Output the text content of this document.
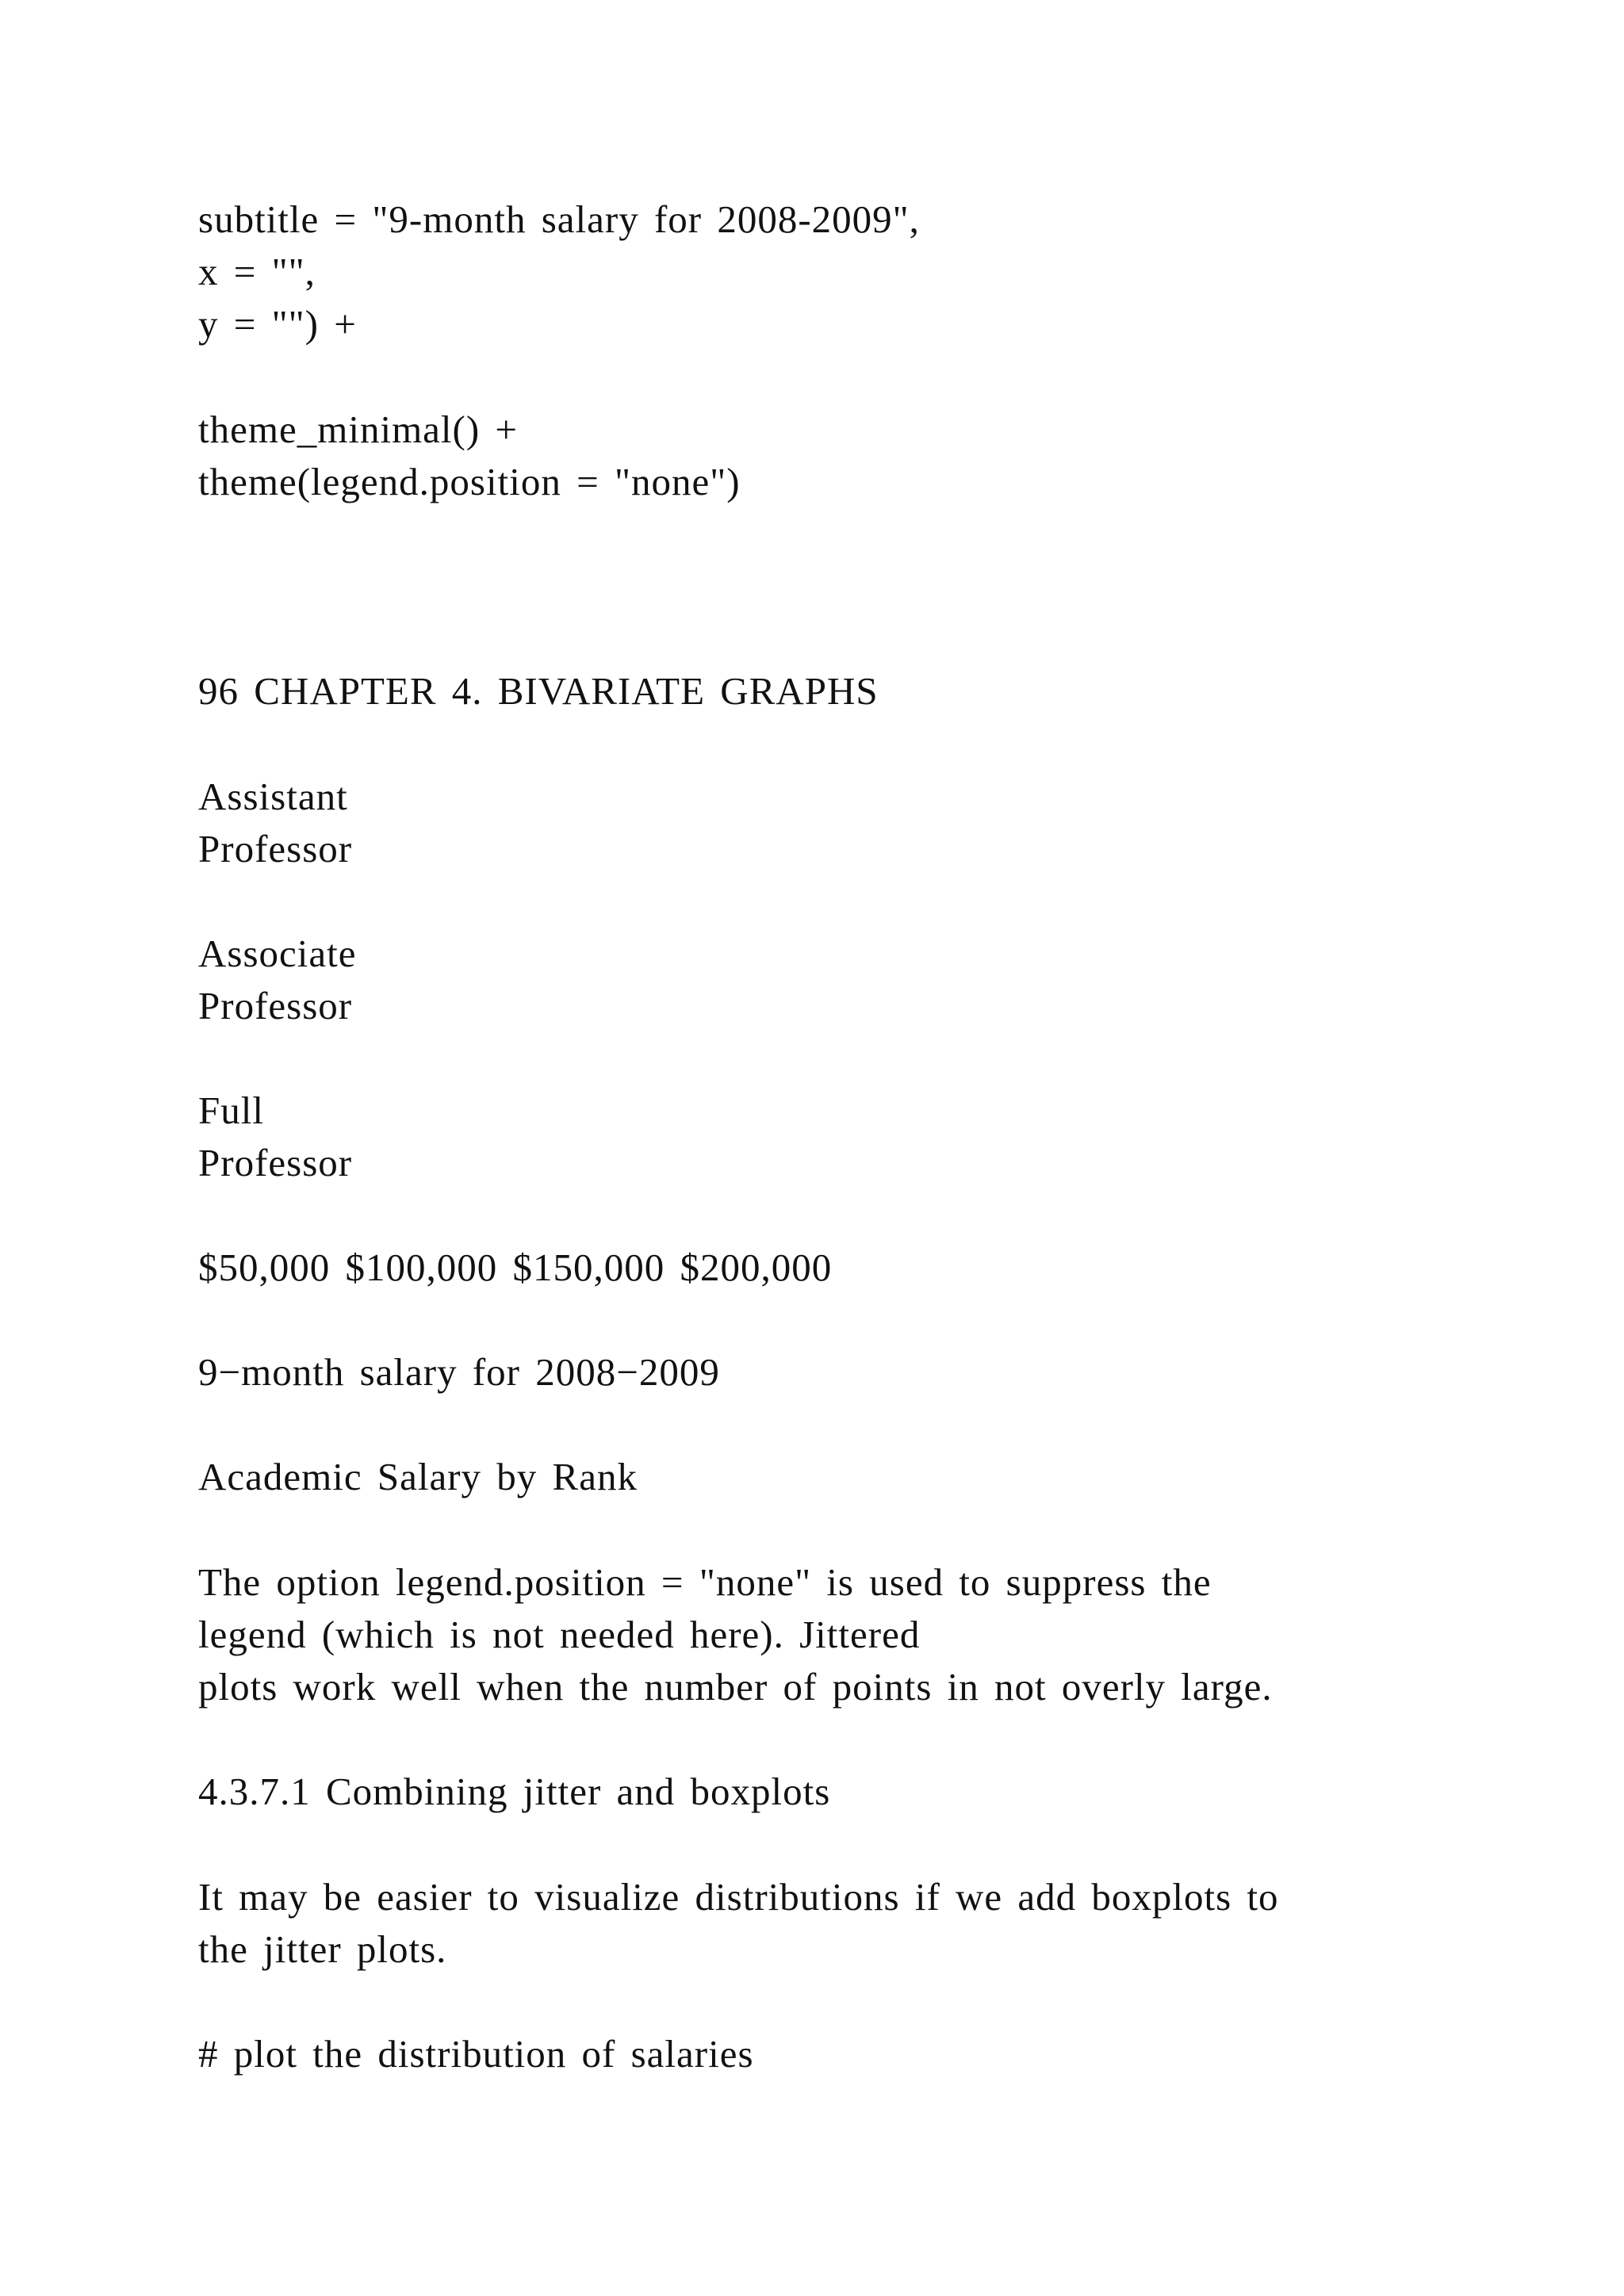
subtitle = "9-month salary for 2008-2009",
x = "",
y = "") +
theme_minimal() +
theme(legend.position = "none")
96 CHAPTER 4. BIVARIATE GRAPHS
Assistant
Professor
Associate
Professor
Full
Professor
$50,000 $100,000 $150,000 $200,000
9−month salary for 2008−2009
Academic Salary by Rank
The option legend.position = "none" is used to suppress the
legend (which is not needed here). Jittered
plots work well when the number of points in not overly large.
4.3.7.1 Combining jitter and boxplots
It may be easier to visualize distributions if we add boxplots to
the jitter plots.
# plot the distribution of salaries
